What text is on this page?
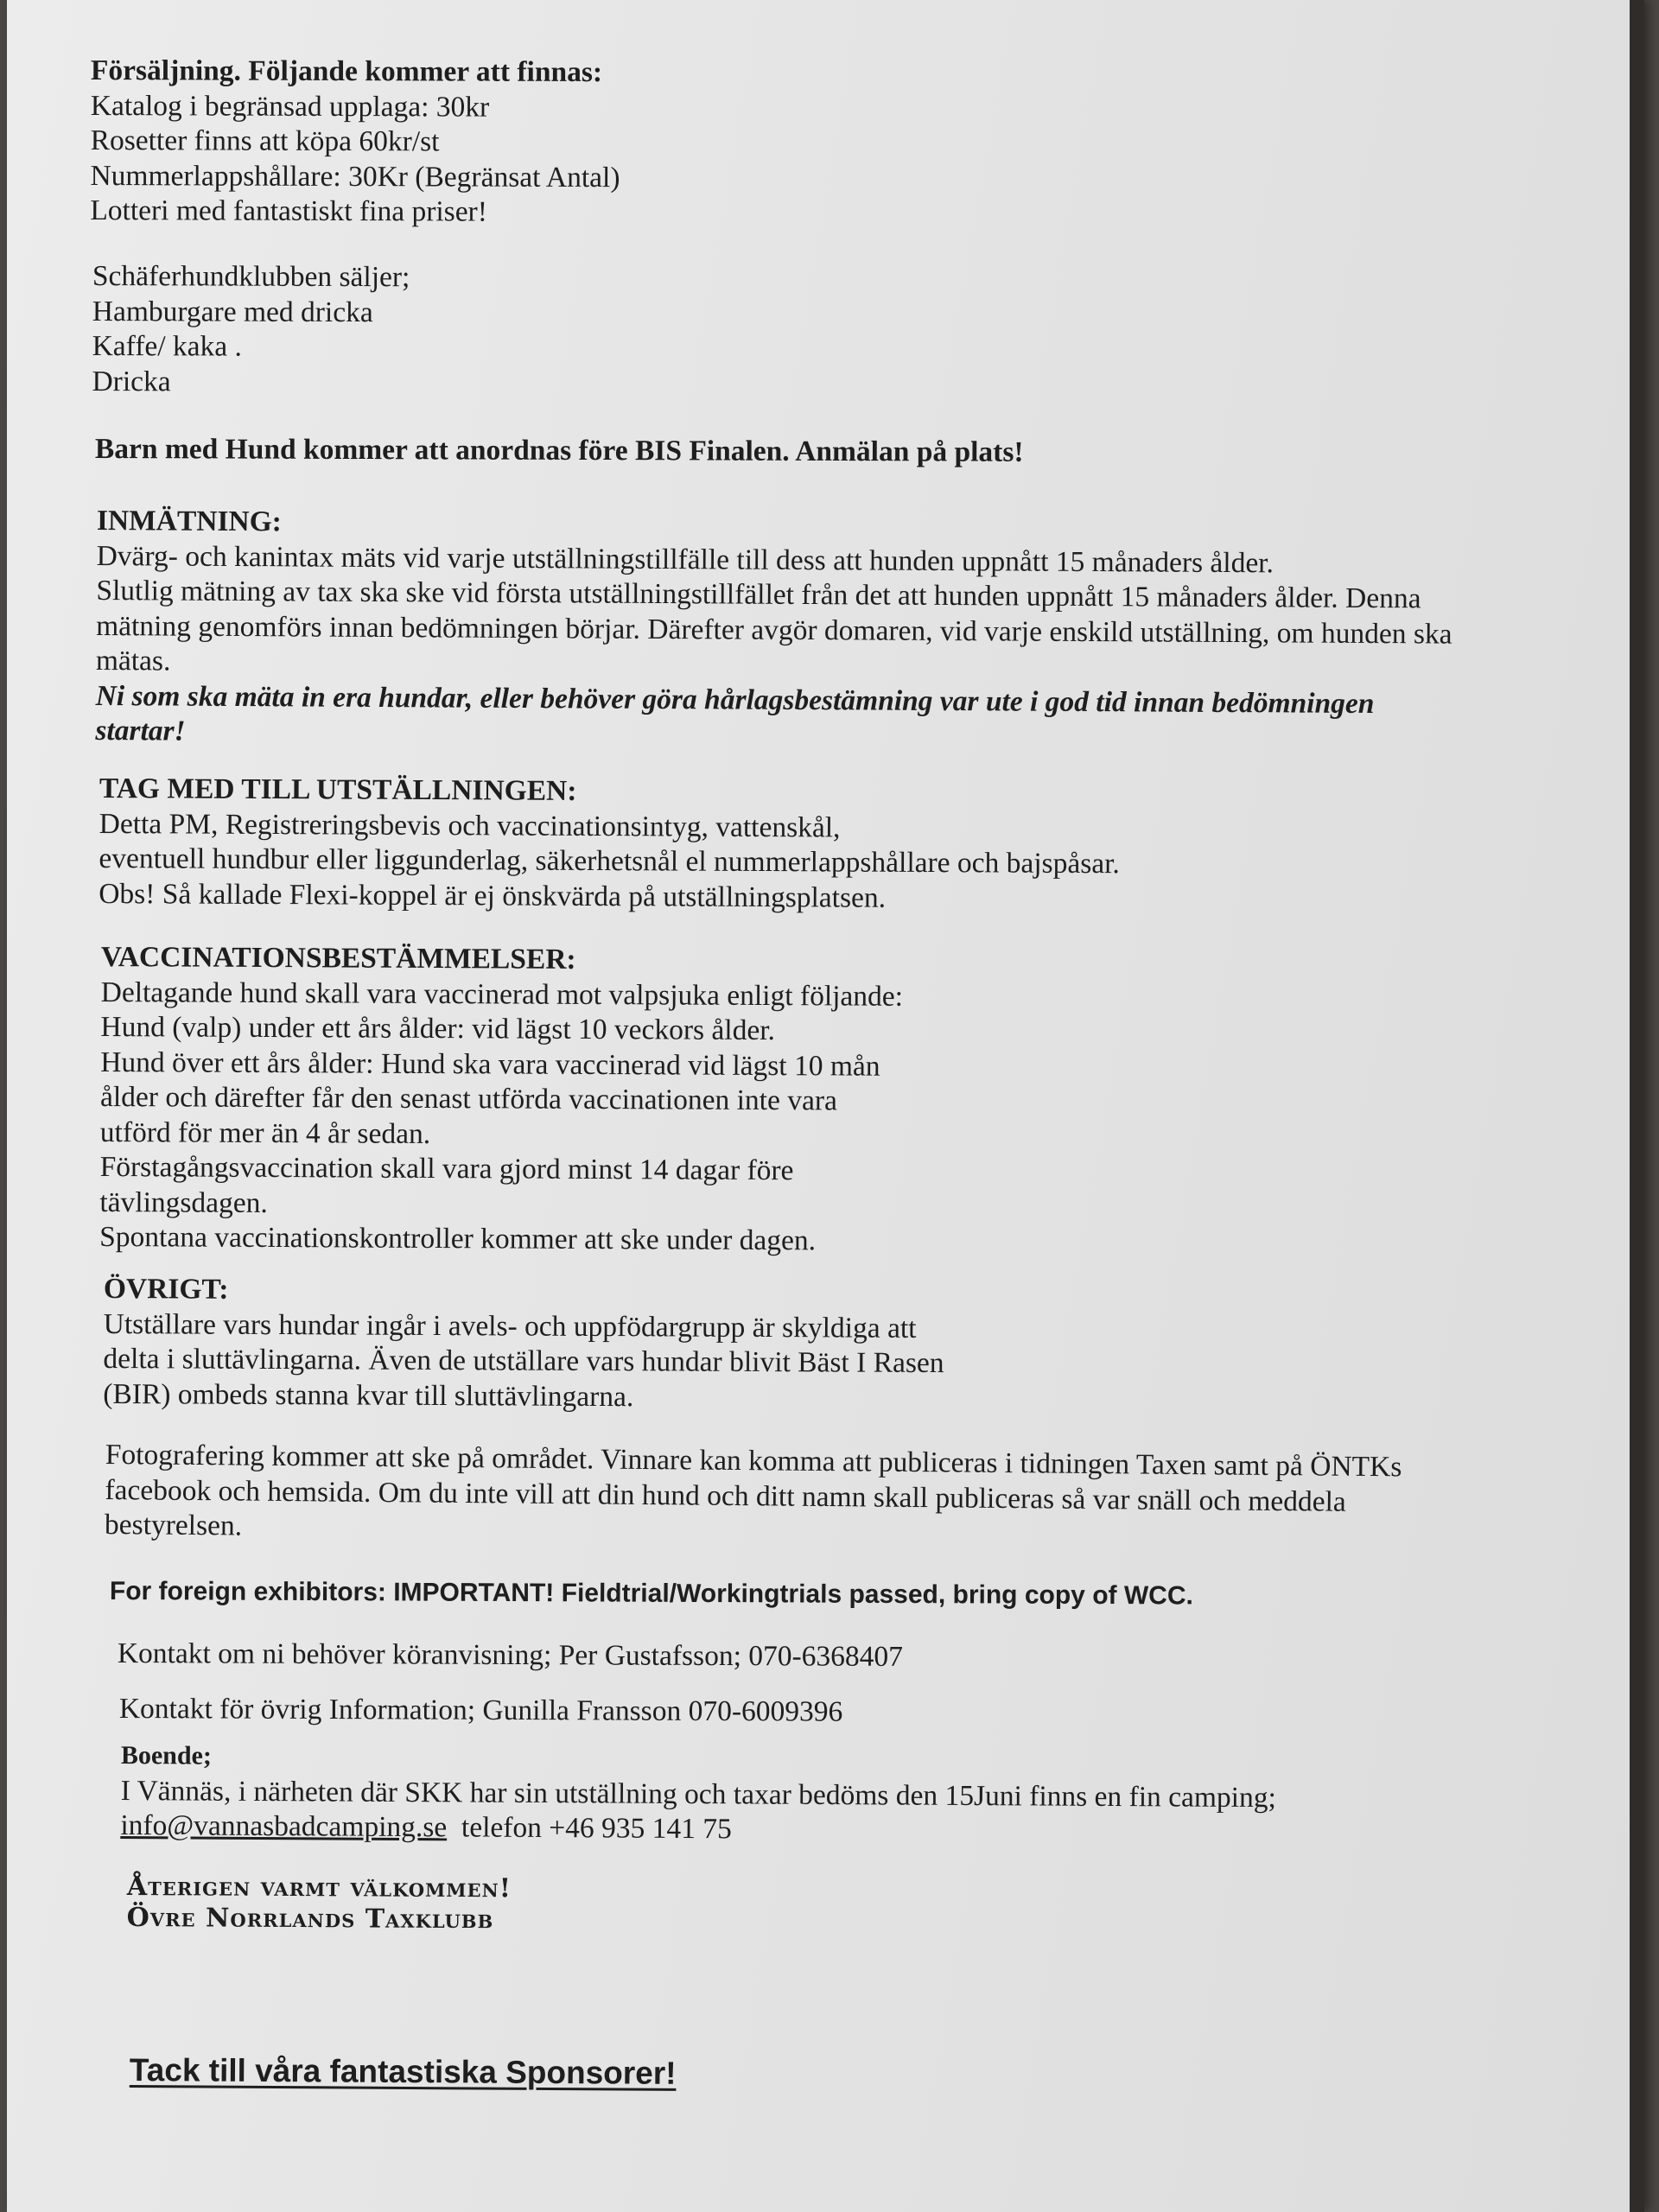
Försäljning. Följande kommer att finnas:
Katalog i begränsad upplaga: 30kr
Rosetter finns att köpa 60kr/st
Nummerlappshållare: 30Kr (Begränsat Antal)
Lotteri med fantastiskt fina priser!
Schäferhundklubben säljer;
Hamburgare med dricka
Kaffe/ kaka .
Dricka
Barn med Hund kommer att anordnas före BIS Finalen. Anmälan på plats!
INMÄTNING:
Dvärg- och kanintax mäts vid varje utställningstillfälle till dess att hunden uppnått 15 månaders ålder.
Slutlig mätning av tax ska ske vid första utställningstillfället från det att hunden uppnått 15 månaders ålder. Denna
mätning genomförs innan bedömningen börjar. Därefter avgör domaren, vid varje enskild utställning, om hunden ska
mätas.
Ni som ska mäta in era hundar, eller behöver göra hårlagsbestämning var ute i god tid innan bedömningen
startar!
TAG MED TILL UTSTÄLLNINGEN:
Detta PM, Registreringsbevis och vaccinationsintyg, vattenskål,
eventuell hundbur eller liggunderlag, säkerhetsnål el nummerlappshållare och bajspåsar.
Obs! Så kallade Flexi-koppel är ej önskvärda på utställningsplatsen.
VACCINATIONSBESTÄMMELSER:
Deltagande hund skall vara vaccinerad mot valpsjuka enligt följande:
Hund (valp) under ett års ålder: vid lägst 10 veckors ålder.
Hund över ett års ålder: Hund ska vara vaccinerad vid lägst 10 mån
ålder och därefter får den senast utförda vaccinationen inte vara
utförd för mer än 4 år sedan.
Förstagångsvaccination skall vara gjord minst 14 dagar före
tävlingsdagen.
Spontana vaccinationskontroller kommer att ske under dagen.
ÖVRIGT:
Utställare vars hundar ingår i avels- och uppfödargrupp är skyldiga att
delta i sluttävlingarna. Även de utställare vars hundar blivit Bäst I Rasen
(BIR) ombeds stanna kvar till sluttävlingarna.
Fotografering kommer att ske på området. Vinnare kan komma att publiceras i tidningen Taxen samt på ÖNTKs
facebook och hemsida. Om du inte vill att din hund och ditt namn skall publiceras så var snäll och meddela
bestyrelsen.
For foreign exhibitors: IMPORTANT! Fieldtrial/Workingtrials passed, bring copy of WCC.
Kontakt om ni behöver köranvisning; Per Gustafsson; 070-6368407
Kontakt för övrig Information; Gunilla Fransson 070-6009396
Boende;
I Vännäs, i närheten där SKK har sin utställning och taxar bedöms den 15Juni finns en fin camping;
info@vannasbadcamping.se telefon +46 935 141 75
Återigen varmt välkommen!
Övre Norrlands Taxklubb
Tack till våra fantastiska Sponsorer!
